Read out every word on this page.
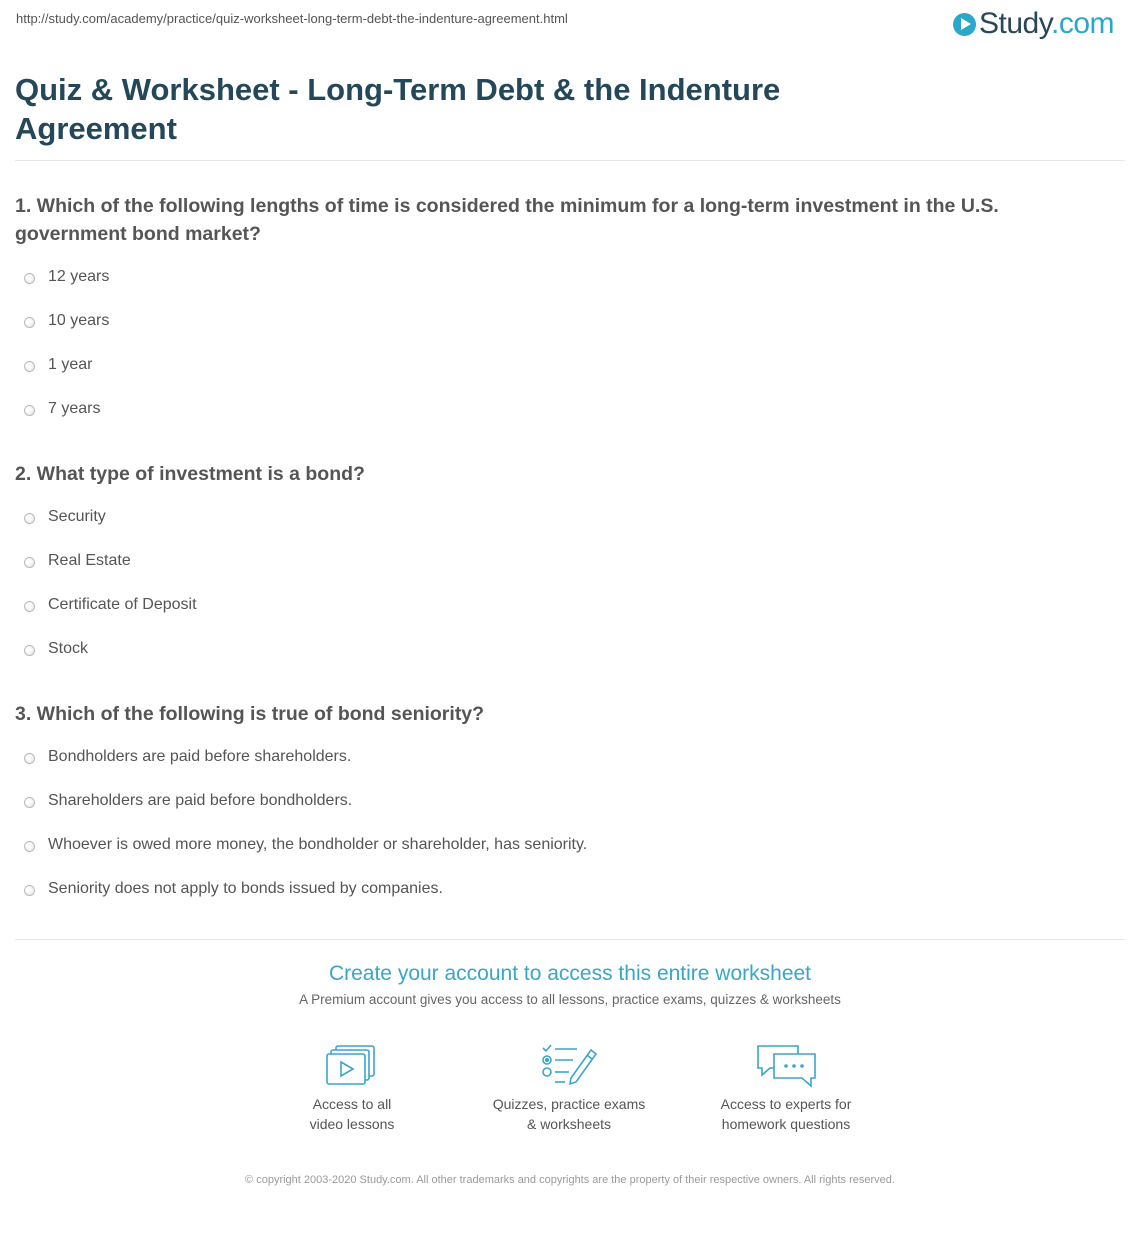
http://study.com/academy/practice/quiz-worksheet-long-term-debt-the-indenture-agreement.html	Study.com
Quiz & Worksheet - Long-Term Debt & the Indenture Agreement

1. Which of the following lengths of time is considered the minimum for a long-term investment in the U.S. government bond market?

12 years
10 years
1 year
7 years

2. What type of investment is a bond?

Security
Real Estate
Certificate of Deposit
Stock

3. Which of the following is true of bond seniority?

Bondholders are paid before shareholders.
Shareholders are paid before bondholders.
Whoever is owed more money, the bondholder or shareholder, has seniority.
Seniority does not apply to bonds issued by companies.
Create your account to access this entire worksheet
A Premium account gives you access to all lessons, practice exams, quizzes & worksheets
Access to all
video lessons
Quizzes, practice exams
& worksheets
Access to experts for
homework questions
© copyright 2003-2020 Study.com. All other trademarks and copyrights are the property of their respective owners. All rights reserved.
